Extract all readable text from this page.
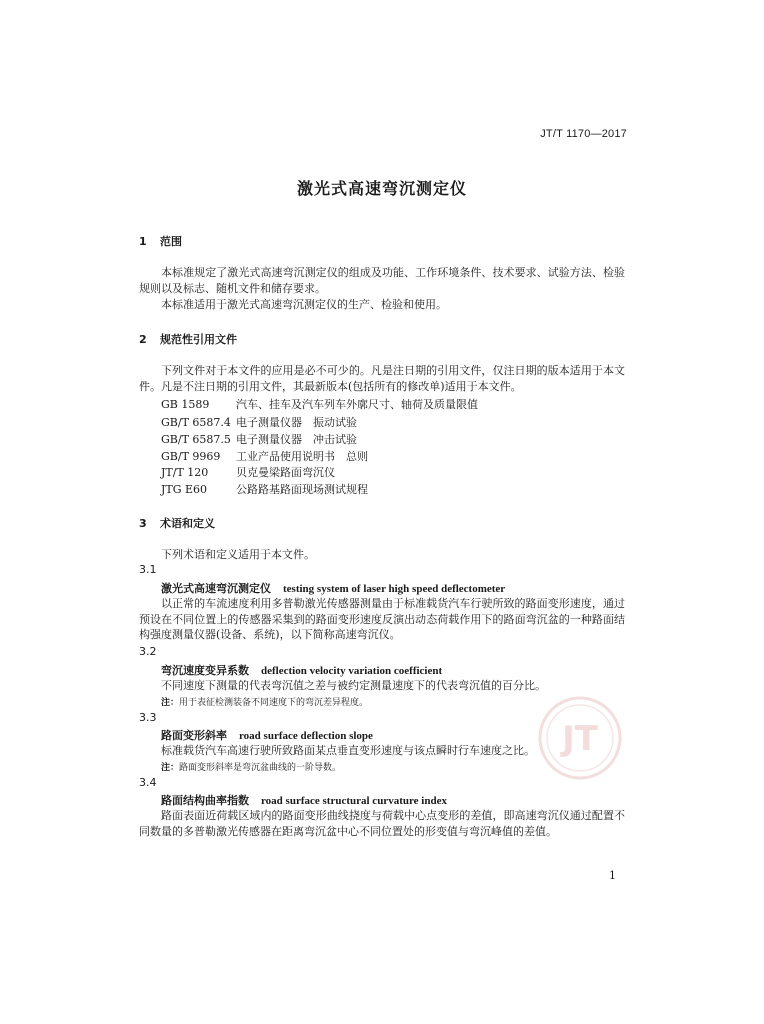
JT/T 1170—2017
激光式高速弯沉测定仪
1 范围
本标准规定了激光式高速弯沉测定仪的组成及功能、工作环境条件、技术要求、试验方法、检验规则以及标志、随机文件和储存要求。
本标准适用于激光式高速弯沉测定仪的生产、检验和使用。
2 规范性引用文件
下列文件对于本文件的应用是必不可少的。凡是注日期的引用文件，仅注日期的版本适用于本文件。凡是不注日期的引用文件，其最新版本(包括所有的修改单)适用于本文件。
GB 1589 汽车、挂车及汽车列车外廓尺寸、轴荷及质量限值
GB/T 6587.4 电子测量仪器　振动试验
GB/T 6587.5 电子测量仪器　冲击试验
GB/T 9969 工业产品使用说明书　总则
JT/T 120	贝克曼梁路面弯沉仪
JTG E60	公路路基路面现场测试规程
3 术语和定义
下列术语和定义适用于本文件。
3.1
激光式高速弯沉测定仪 testing system of laser high speed deflectometer
以正常的车流速度利用多普勒激光传感器测量由于标准载货汽车行驶所致的路面变形速度，通过预设在不同位置上的传感器采集到的路面变形速度反演出动态荷载作用下的路面弯沉盆的一种路面结构强度测量仪器(设备、系统)，以下简称高速弯沉仪。
3.2
弯沉速度变异系数 deflection velocity variation coefficient
不同速度下测量的代表弯沉值之差与被约定测量速度下的代表弯沉值的百分比。
注：用于表征检测装备不同速度下的弯沉差异程度。
3.3
路面变形斜率 road surface deflection slope
标准载货汽车高速行驶所致路面某点垂直变形速度与该点瞬时行车速度之比。
注：路面变形斜率是弯沉盆曲线的一阶导数。
3.4
路面结构曲率指数 road surface structural curvature index
路面表面近荷载区域内的路面变形曲线挠度与荷载中心点变形的差值，即高速弯沉仪通过配置不同数量的多普勒激光传感器在距离弯沉盆中心不同位置处的形变值与弯沉峰值的差值。
JT
1
